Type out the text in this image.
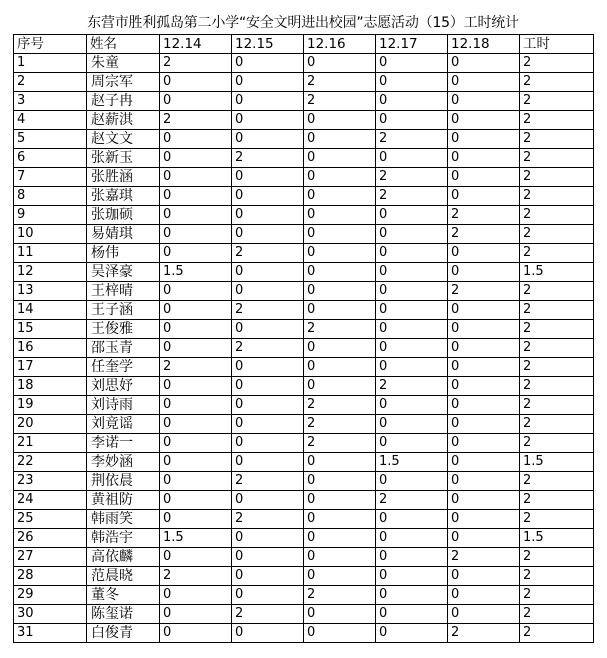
东营市胜利孤岛第二小学“安全文明进出校园”志愿活动（15）工时统计
序号	姓名	12.14	12.15	12.16	12.17	12.18	工时
1	朱童	2	0	0	0	0	2
2	周宗军	0	0	2	0	0	2
3	赵子冉	0	0	2	0	0	2
4	赵薪淇	2	0	0	0	0	2
5	赵文文	0	0	0	2	0	2
6	张新玉	0	2	0	0	0	2
7	张胜涵	0	0	0	2	0	2
8	张嘉琪	0	0	0	2	0	2
9	张珈硕	0	0	0	0	2	2
10	易婧琪	0	0	0	0	2	2
11	杨伟	0	2	0	0	0	2
12	吴泽豪	1.5	0	0	0	0	1.5
13	王梓晴	0	0	0	0	2	2
14	王子涵	0	2	0	0	0	2
15	王俊雅	0	0	2	0	0	2
16	邵玉青	0	2	0	0	0	2
17	任奎学	2	0	0	0	0	2
18	刘思妤	0	0	0	2	0	2
19	刘诗雨	0	0	2	0	0	2
20	刘竟谣	0	0	2	0	0	2
21	李诺一	0	0	2	0	0	2
22	李妙涵	0	0	0	1.5	0	1.5
23	荆依晨	0	2	0	0	0	2
24	黄祖防	0	0	0	2	0	2
25	韩雨笑	0	2	0	0	0	2
26	韩浩宇	1.5	0	0	0	0	1.5
27	高依麟	0	0	0	0	2	2
28	范晨晓	2	0	0	0	0	2
29	董冬	0	0	2	0	0	2
30	陈玺诺	0	2	0	0	0	2
31	白俊青	0	0	0	0	2	2
